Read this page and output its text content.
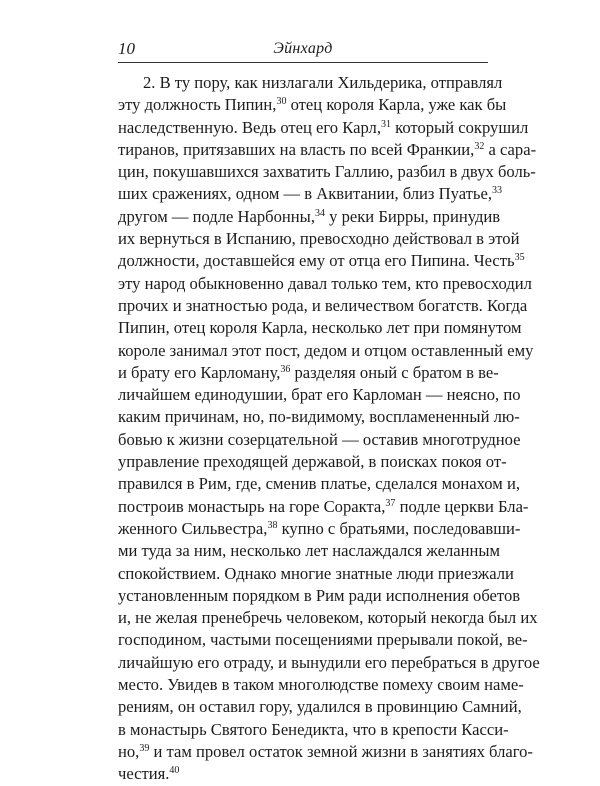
10	Эйнхард
2. В ту пору, как низлагали Хильдерика, отправлял
эту должность Пипин,$^{30}$ отец короля Карла, уже как бы
наследственную. Ведь отец его Карл,$^{31}$ который сокрушил
тиранов, притязавших на власть по всей Франкии,$^{32}$ а сара-
цин, покушавшихся захватить Галлию, разбил в двух боль-
ших сражениях, одном — в Аквитании, близ Пуатье,$^{33}$
другом — подле Нарбонны,$^{34}$ у реки Бирры, принудив
их вернуться в Испанию, превосходно действовал в этой
должности, доставшейся ему от отца его Пипина. Честь$^{35}$
эту народ обыкновенно давал только тем, кто превосходил
прочих и знатностью рода, и величеством богатств. Когда
Пипин, отец короля Карла, несколько лет при помянутом
короле занимал этот пост, дедом и отцом оставленный ему
и брату его Карломану,$^{36}$ разделяя оный с братом в ве-
личайшем единодушии, брат его Карломан — неясно, по
каким причинам, но, по-видимому, воспламененный лю-
бовью к жизни созерцательной — оставив многотрудное
управление преходящей державой, в поисках покоя от-
правился в Рим, где, сменив платье, сделался монахом и,
построив монастырь на горе Соракта,$^{37}$ подле церкви Бла-
женного Сильвестра,$^{38}$ купно с братьями, последовавши-
ми туда за ним, несколько лет наслаждался желанным
спокойствием. Однако многие знатные люди приезжали
установленным порядком в Рим ради исполнения обетов
и, не желая пренебречь человеком, который некогда был их
господином, частыми посещениями прерывали покой, ве-
личайшую его отраду, и вынудили его перебраться в другое
место. Увидев в таком многолюдстве помеху своим наме-
рениям, он оставил гору, удалился в провинцию Самний,
в монастырь Святого Бенедикта, что в крепости Касси-
но,$^{39}$ и там провел остаток земной жизни в занятиях благо-
честия.$^{40}$
